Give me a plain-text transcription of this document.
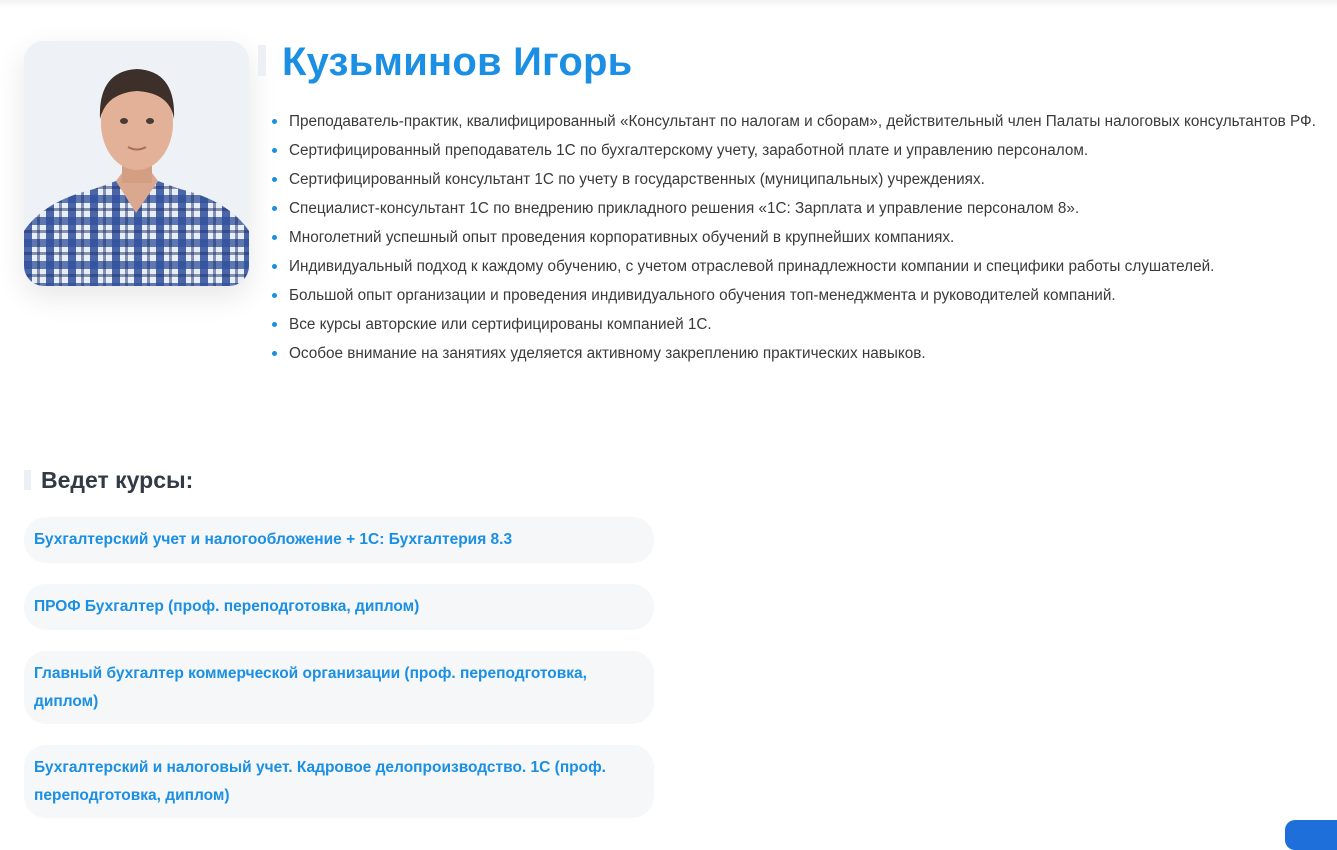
Кузьминов Игорь
Преподаватель-практик, квалифицированный «Консультант по налогам и сборам», действительный член Палаты налоговых консультантов РФ.
Сертифицированный преподаватель 1С по бухгалтерскому учету, заработной плате и управлению персоналом.
Сертифицированный консультант 1С по учету в государственных (муниципальных) учреждениях.
Специалист-консультант 1С по внедрению прикладного решения «1С: Зарплата и управление персоналом 8».
Многолетний успешный опыт проведения корпоративных обучений в крупнейших компаниях.
Индивидуальный подход к каждому обучению, с учетом отраслевой принадлежности компании и специфики работы слушателей.
Большой опыт организации и проведения индивидуального обучения топ-менеджмента и руководителей компаний.
Все курсы авторские или сертифицированы компанией 1С.
Особое внимание на занятиях уделяется активному закреплению практических навыков.
Ведет курсы:
Бухгалтерский учет и налогообложение + 1С: Бухгалтерия 8.3
ПРОФ Бухгалтер (проф. переподготовка, диплом)
Главный бухгалтер коммерческой организации (проф. переподготовка, диплом)
Бухгалтерский и налоговый учет. Кадровое делопроизводство. 1С (проф. переподготовка, диплом)
